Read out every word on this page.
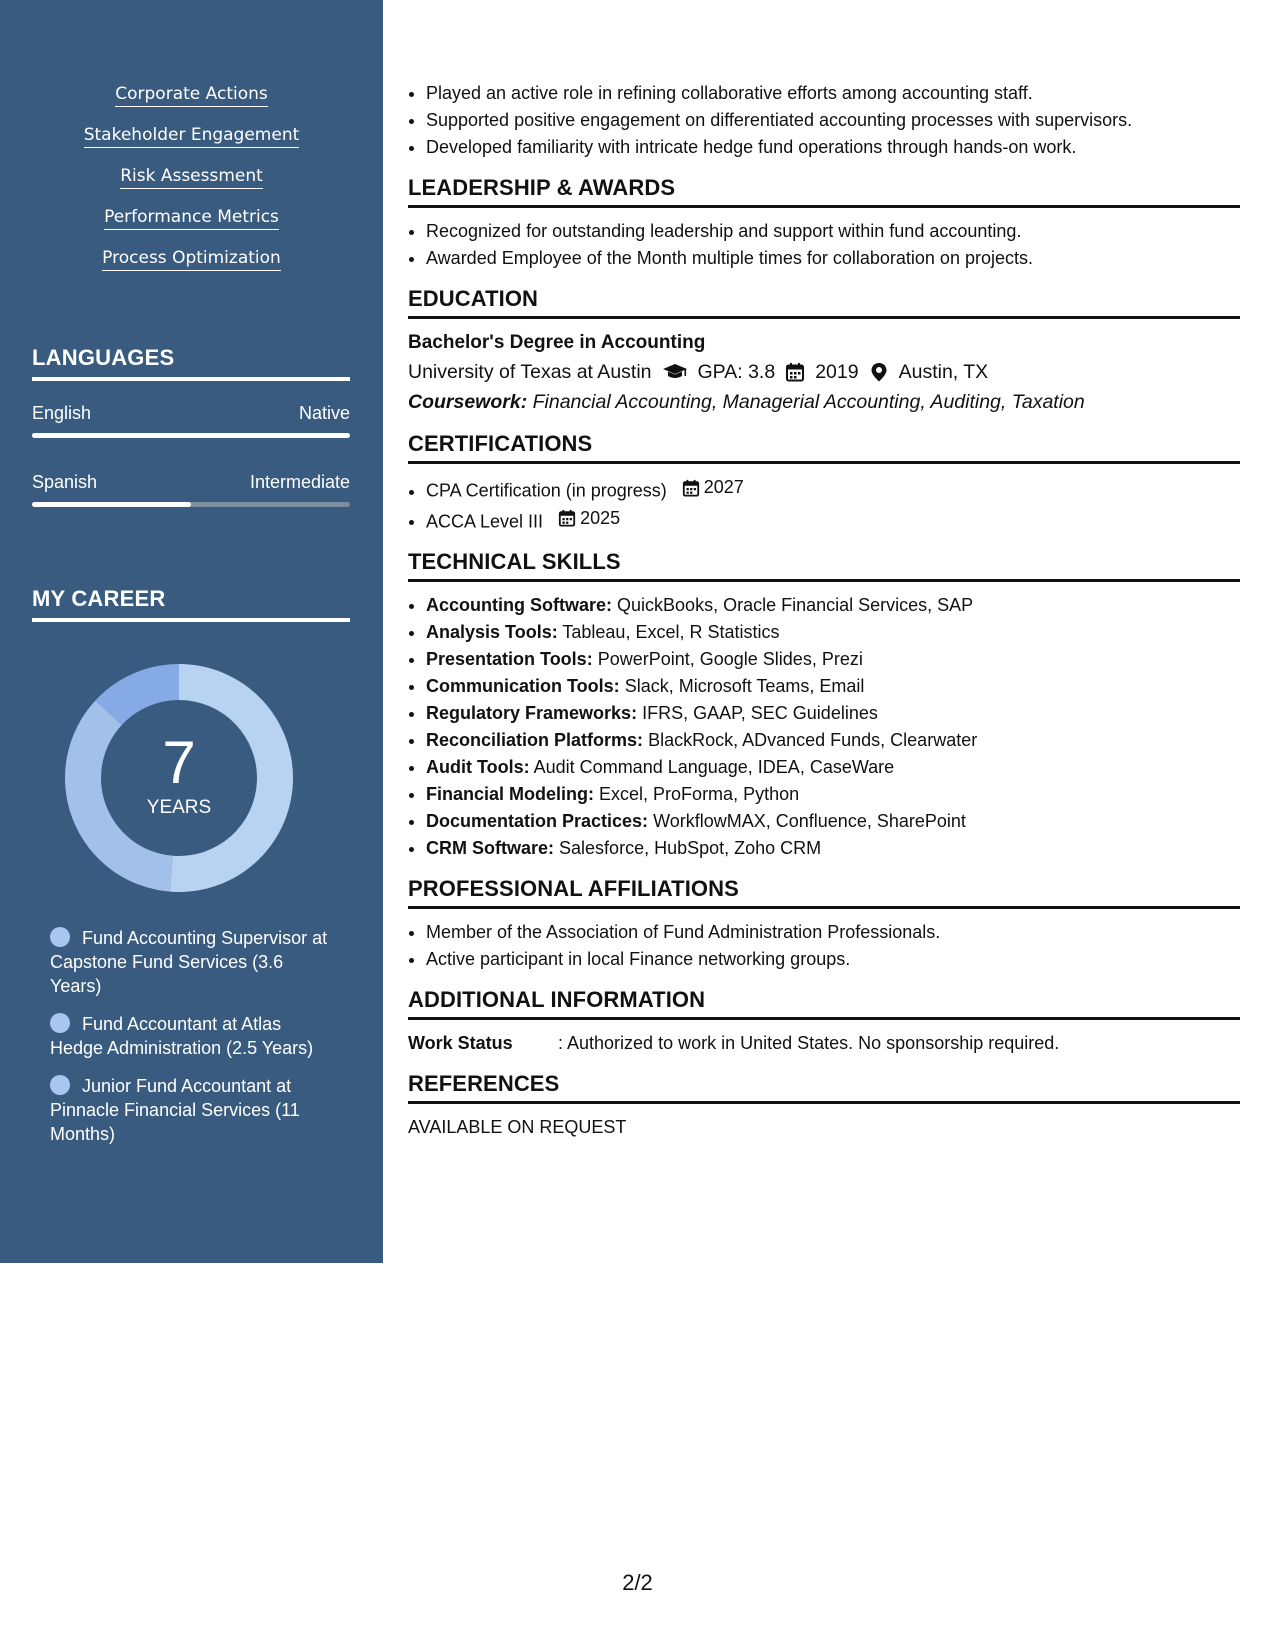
Corporate Actions
Stakeholder Engagement
Risk Assessment
Performance Metrics
Process Optimization
LANGUAGES
English	Native
Spanish	Intermediate
MY CAREER
7
YEARS
Fund Accounting Supervisor at Capstone Fund Services (3.6 Years)
Fund Accountant at Atlas Hedge Administration (2.5 Years)
Junior Fund Accountant at Pinnacle Financial Services (11 Months)
• Played an active role in refining collaborative efforts among accounting staff.
• Supported positive engagement on differentiated accounting processes with supervisors.
• Developed familiarity with intricate hedge fund operations through hands-on work.
LEADERSHIP & AWARDS
• Recognized for outstanding leadership and support within fund accounting.
• Awarded Employee of the Month multiple times for collaboration on projects.
EDUCATION
Bachelor's Degree in Accounting
University of Texas at Austin GPA: 3.8 2019 Austin, TX
Coursework: Financial Accounting, Managerial Accounting, Auditing, Taxation
CERTIFICATIONS
• CPA Certification (in progress) 2027
• ACCA Level III 2025
TECHNICAL SKILLS
• Accounting Software: QuickBooks, Oracle Financial Services, SAP
• Analysis Tools: Tableau, Excel, R Statistics
• Presentation Tools: PowerPoint, Google Slides, Prezi
• Communication Tools: Slack, Microsoft Teams, Email
• Regulatory Frameworks: IFRS, GAAP, SEC Guidelines
• Reconciliation Platforms: BlackRock, ADvanced Funds, Clearwater
• Audit Tools: Audit Command Language, IDEA, CaseWare
• Financial Modeling: Excel, ProForma, Python
• Documentation Practices: WorkflowMAX, Confluence, SharePoint
• CRM Software: Salesforce, HubSpot, Zoho CRM
PROFESSIONAL AFFILIATIONS
• Member of the Association of Fund Administration Professionals.
• Active participant in local Finance networking groups.
ADDITIONAL INFORMATION
Work Status	: Authorized to work in United States. No sponsorship required.
REFERENCES
AVAILABLE ON REQUEST
2/2
